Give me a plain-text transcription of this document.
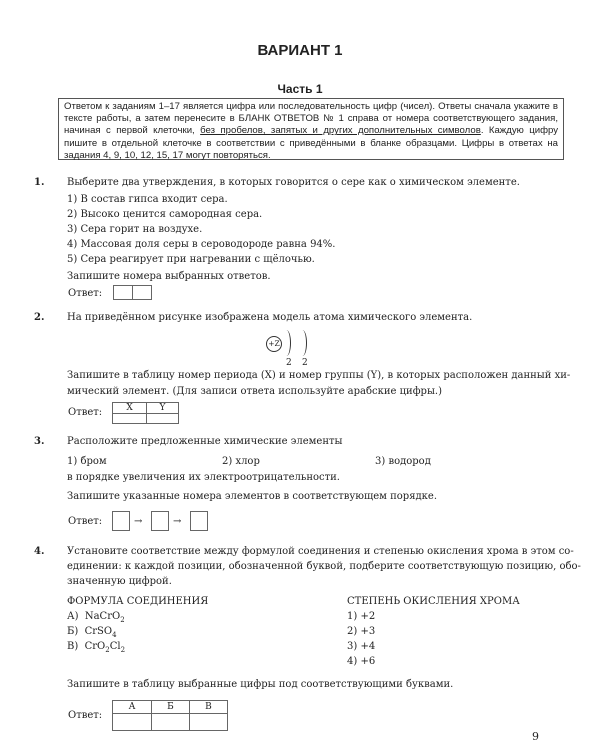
ВАРИАНТ 1
Часть 1
Ответом к заданиям 1–17 является цифра или последовательность цифр (чисел). Ответы сначала укажите в тексте работы, а затем перенесите в БЛАНК ОТВЕТОВ № 1 справа от номера соответствующего задания, начиная с первой клеточки, без пробелов, запятых и других дополнительных символов. Каждую цифру пишите в отдельной клеточке в соответствии с приведёнными в бланке образцами. Цифры в ответах на задания 4, 9, 10, 12, 15, 17 могут повторяться.
1. Выберите два утверждения, в которых говорится о сере как о химическом элементе.
1) В состав гипса входит сера.
2) Высоко ценится самородная сера.
3) Сера горит на воздухе.
4) Массовая доля серы в сероводороде равна 94%.
5) Сера реагирует при нагревании с щёлочью.
Запишите номера выбранных ответов.
Ответ:
2. На приведённом рисунке изображена модель атома химического элемента.
+Z
2 2
Запишите в таблицу номер периода (X) и номер группы (Y), в которых расположен данный хи-
мический элемент. (Для записи ответа используйте арабские цифры.)
Ответ:	X	Y

3. Расположите предложенные химические элементы
1) бром	2) хлор	3) водород
в порядке увеличения их электроотрицательности.
Запишите указанные номера элементов в соответствующем порядке.
Ответ:	→	→
4. Установите соответствие между формулой соединения и степенью окисления хрома в этом со-
единении: к каждой позиции, обозначенной буквой, подберите соответствующую позицию, обо-
значенную цифрой.
ФОРМУЛА СОЕДИНЕНИЯ	СТЕПЕНЬ ОКИСЛЕНИЯ ХРОМА
А) NaCrO$_2$
Б) CrSO$_4$
В) $CrO_2Cl_2$
1) +2
2) +3
3) +4
4) +6
Запишите в таблицу выбранные цифры под соответствующими буквами.
Ответ:
А	Б	В

9
